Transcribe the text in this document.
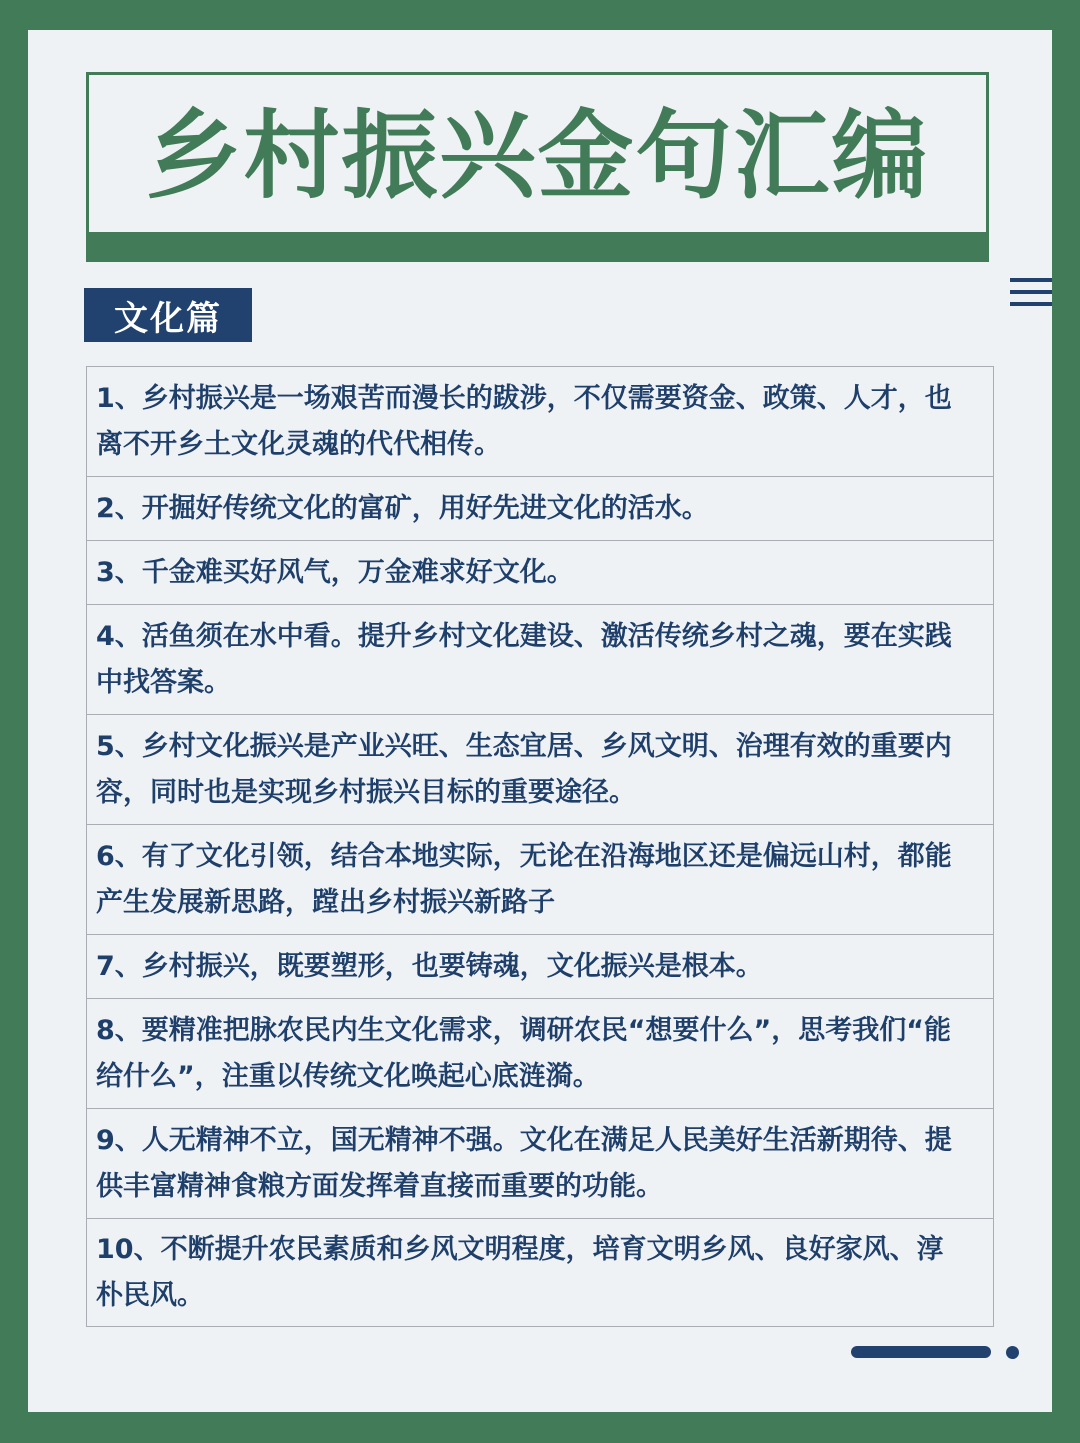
乡村振兴金句汇编
文化篇
1、乡村振兴是一场艰苦而漫长的跋涉，不仅需要资金、政策、人才，也离不开乡土文化灵魂的代代相传。
2、开掘好传统文化的富矿，用好先进文化的活水。
3、千金难买好风气，万金难求好文化。
4、活鱼须在水中看。提升乡村文化建设、激活传统乡村之魂，要在实践中找答案。
5、乡村文化振兴是产业兴旺、生态宜居、乡风文明、治理有效的重要内容，同时也是实现乡村振兴目标的重要途径。
6、有了文化引领，结合本地实际，无论在沿海地区还是偏远山村，都能产生发展新思路，蹚出乡村振兴新路子
7、乡村振兴，既要塑形，也要铸魂，文化振兴是根本。
8、要精准把脉农民内生文化需求，调研农民“想要什么”，思考我们“能给什么”，注重以传统文化唤起心底涟漪。
9、人无精神不立，国无精神不强。文化在满足人民美好生活新期待、提供丰富精神食粮方面发挥着直接而重要的功能。
10、不断提升农民素质和乡风文明程度，培育文明乡风、良好家风、淳朴民风。
